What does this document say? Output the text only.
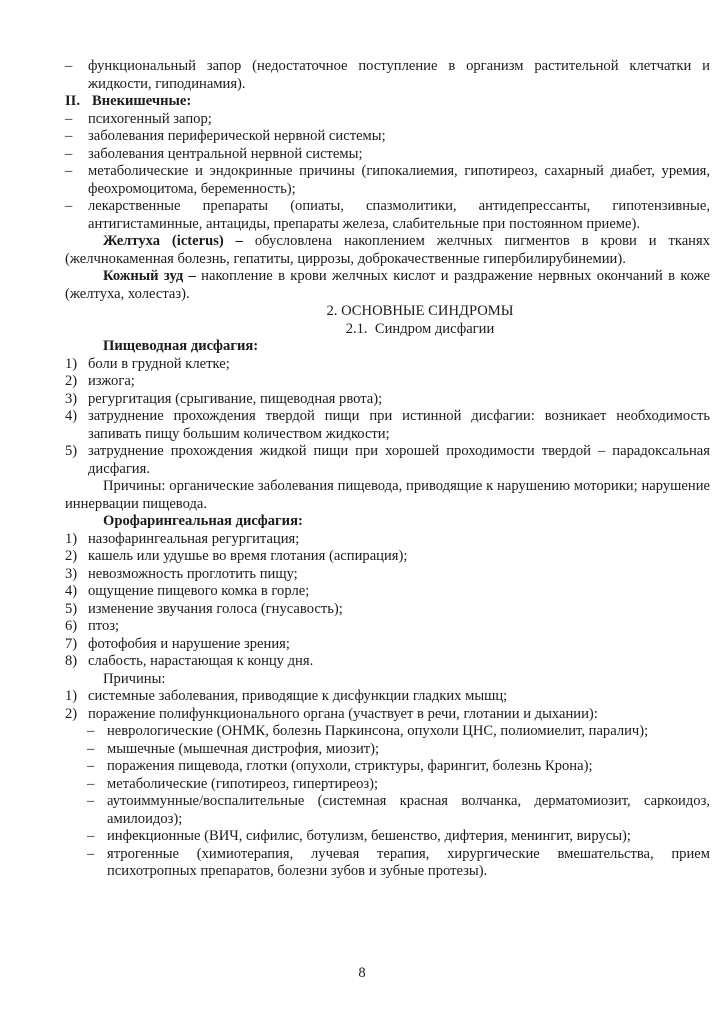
– функциональный запор (недостаточное поступление в организм растительной клетчатки и жидкости, гиподинамия).
II. Внекишечные:
– психогенный запор;
– заболевания периферической нервной системы;
– заболевания центральной нервной системы;
– метаболические и эндокринные причины (гипокалиемия, гипотиреоз, сахарный диабет, уремия, феохромоцитома, беременность);
– лекарственные препараты (опиаты, спазмолитики, антидепрессанты, гипотензивные, антигистаминные, антациды, препараты железа, слабительные при постоянном приеме).
Желтуха (icterus) – обусловлена накоплением желчных пигментов в крови и тканях (желчнокаменная болезнь, гепатиты, циррозы, доброкачественные гипербилирубинемии).
Кожный зуд – накопление в крови желчных кислот и раздражение нервных окончаний в коже (желтуха, холестаз).
2. ОСНОВНЫЕ СИНДРОМЫ
2.1.  Синдром дисфагии
Пищеводная дисфагия:
1) боли в грудной клетке;
2) изжога;
3) регургитация (срыгивание, пищеводная рвота);
4) затруднение прохождения твердой пищи при истинной дисфагии: возникает необходимость запивать пищу большим количеством жидкости;
5) затруднение прохождения жидкой пищи при хорошей проходимости твердой – парадоксальная дисфагия.
Причины: органические заболевания пищевода, приводящие к нарушению моторики; нарушение иннервации пищевода.
Орофарингеальная дисфагия:
1) назофарингеальная регургитация;
2) кашель или удушье во время глотания (аспирация);
3) невозможность проглотить пищу;
4) ощущение пищевого комка в горле;
5) изменение звучания голоса (гнусавость);
6) птоз;
7) фотофобия и нарушение зрения;
8) слабость, нарастающая к концу дня.
Причины:
1) системные заболевания, приводящие к дисфункции гладких мышц;
2) поражение полифункционального органа (участвует в речи, глотании и дыхании):
– неврологические (ОНМК, болезнь Паркинсона, опухоли ЦНС, полиомиелит, паралич);
– мышечные (мышечная дистрофия, миозит);
– поражения пищевода, глотки (опухоли, стриктуры, фарингит, болезнь Крона);
– метаболические (гипотиреоз, гипертиреоз);
– аутоиммунные/воспалительные (системная красная волчанка, дерматомиозит, саркоидоз, амилоидоз);
– инфекционные (ВИЧ, сифилис, ботулизм, бешенство, дифтерия, менингит, вирусы);
– ятрогенные (химиотерапия, лучевая терапия, хирургические вмешательства, прием психотропных препаратов, болезни зубов и зубные протезы).
8
